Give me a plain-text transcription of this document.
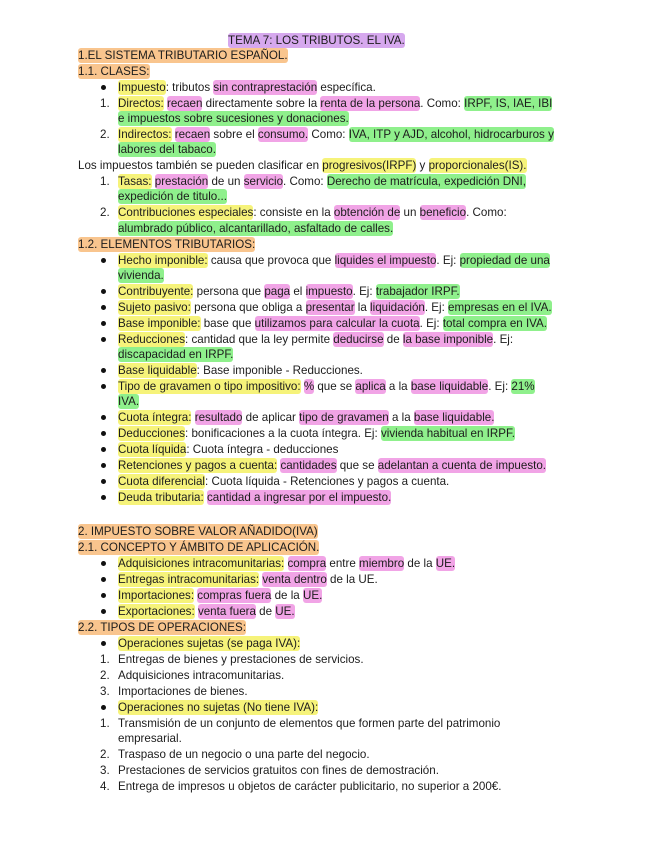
TEMA 7: LOS TRIBUTOS. EL IVA.
1.EL SISTEMA TRIBUTARIO ESPAÑOL.
1.1. CLASES:
Impuesto: tributos sin contraprestación específica.
1. Directos: recaen directamente sobre la renta de la persona. Como: IRPF, IS, IAE, IBI
e impuestos sobre sucesiones y donaciones.
2. Indirectos: recaen sobre el consumo. Como: IVA, ITP y AJD, alcohol, hidrocarburos y
labores del tabaco.
Los impuestos también se pueden clasificar en progresivos(IRPF) y proporcionales(IS).
1. Tasas: prestación de un servicio. Como: Derecho de matrícula, expedición DNI,
expedición de titulo...
2. Contribuciones especiales: consiste en la obtención de un beneficio. Como:
alumbrado público, alcantarillado, asfaltado de calles.
1.2. ELEMENTOS TRIBUTARIOS:
Hecho imponible: causa que provoca que liquides el impuesto. Ej: propiedad de una
vivienda.
Contribuyente: persona que paga el impuesto. Ej: trabajador IRPF.
Sujeto pasivo: persona que obliga a presentar la liquidación. Ej: empresas en el IVA.
Base imponible: base que utilizamos para calcular la cuota. Ej: total compra en IVA.
Reducciones: cantidad que la ley permite deducirse de la base imponible. Ej:
discapacidad en IRPF.
Base liquidable: Base imponible - Reducciones.
Tipo de gravamen o tipo impositivo: % que se aplica a la base liquidable. Ej: 21%
IVA.
Cuota íntegra: resultado de aplicar tipo de gravamen a la base liquidable.
Deducciones: bonificaciones a la cuota íntegra. Ej: vivienda habitual en IRPF.
Cuota líquida: Cuota íntegra - deducciones
Retenciones y pagos a cuenta: cantidades que se adelantan a cuenta de impuesto.
Cuota diferencial: Cuota líquida - Retenciones y pagos a cuenta.
Deuda tributaria: cantidad a ingresar por el impuesto.
2. IMPUESTO SOBRE VALOR AÑADIDO(IVA)
2.1. CONCEPTO Y ÁMBITO DE APLICACIÓN.
Adquisiciones intracomunitarias: compra entre miembro de la UE.
Entregas intracomunitarias: venta dentro de la UE.
Importaciones: compras fuera de la UE.
Exportaciones: venta fuera de UE.
2.2. TIPOS DE OPERACIONES:
Operaciones sujetas (se paga IVA):
1. Entregas de bienes y prestaciones de servicios.
2. Adquisiciones intracomunitarias.
3. Importaciones de bienes.
Operaciones no sujetas (No tiene IVA):
1. Transmisión de un conjunto de elementos que formen parte del patrimonio
empresarial.
2. Traspaso de un negocio o una parte del negocio.
3. Prestaciones de servicios gratuitos con fines de demostración.
4. Entrega de impresos u objetos de carácter publicitario, no superior a 200€.
